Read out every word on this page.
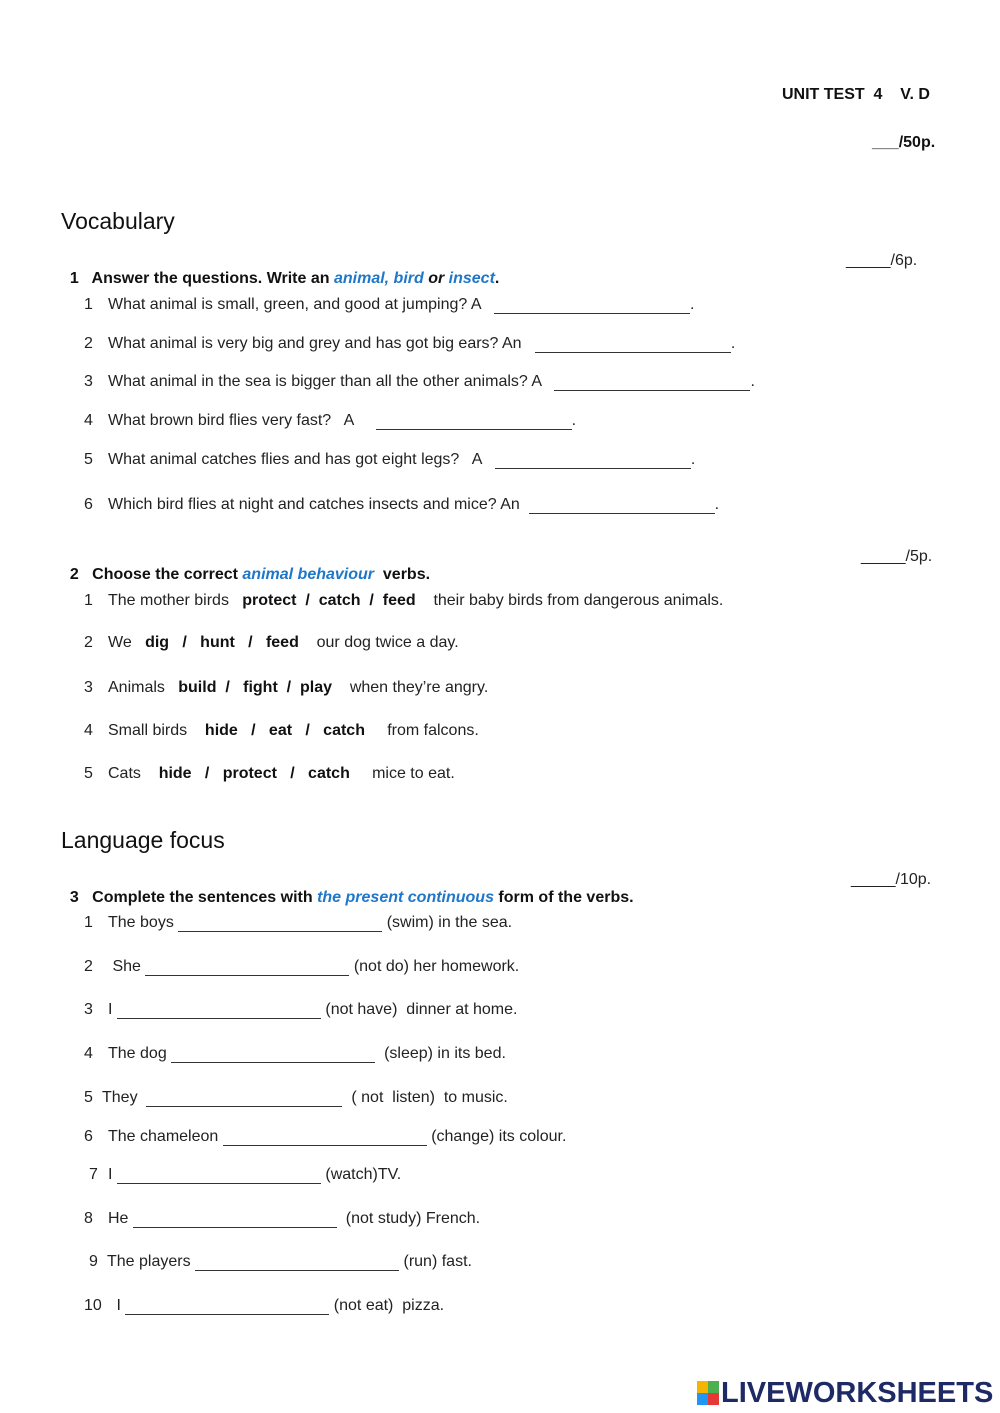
UNIT TEST  4    V. D
___/50p.
Vocabulary

1 Answer the questions. Write an animal, bird or insect.

_____/6p.
1 What animal is small, green, and good at jumping? A	.
2 What animal is very big and grey and has got big ears? An	.
3 What animal in the sea is bigger than all the other animals? A	.
4 What brown bird flies very fast?   A	.
5 What animal catches flies and has got eight legs?   A	.
6 Which bird flies at night and catches insects and mice? An	.

2 Choose the correct animal behaviour  verbs.

_____/5p.
1 The mother birds protect  /  catch  /  feed their baby birds from dangerous animals.
2 We dig   /   hunt   /   feed our dog twice a day.
3 Animals build  /   fight  /  play when they’re angry.
4 Small birds hide   /   eat   /   catch from falcons.
5 Cats hide   /   protect   /   catch mice to eat.
Language focus

3 Complete the sentences with the present continuous form of the verbs.

_____/10p.
1 The boys	(swim) in the sea.
2 She	(not do) her homework.
3 I	(not have)  dinner at home.
4 The dog	(sleep) in its bed.
5 They	( not  listen)  to music.
6 The chameleon	(change) its colour.
7 I	(watch)TV.
8 He	(not study) French.
9 The players	(run) fast.
10 I	(not eat)  pizza.
LIVEWORKSHEETS
